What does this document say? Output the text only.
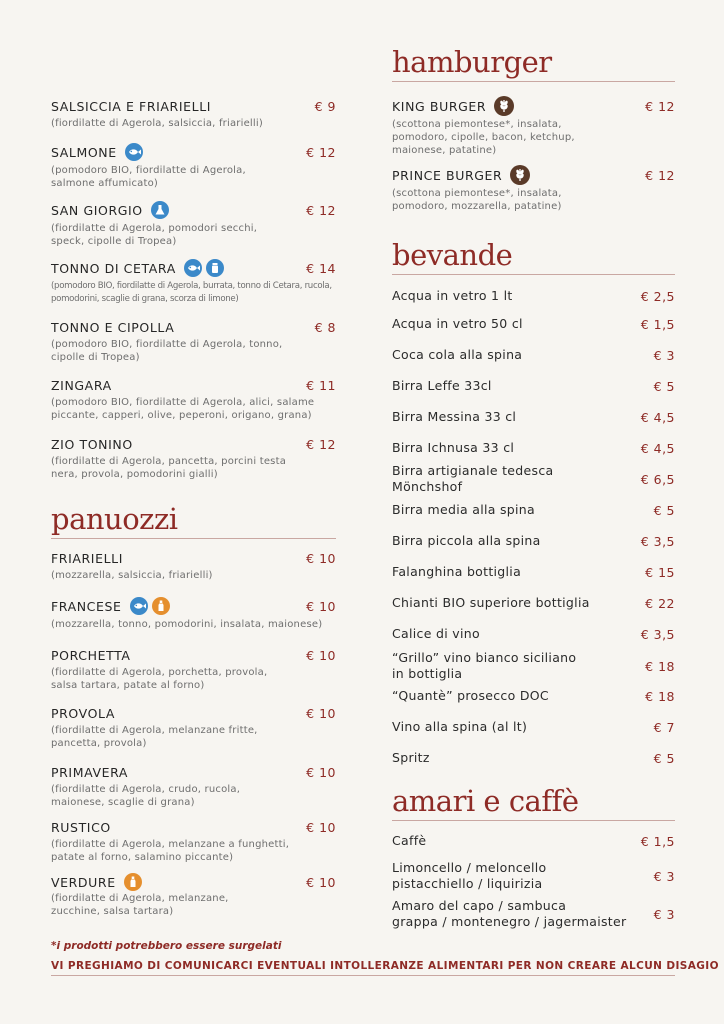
SALSICCIA E FRIARIELLI	€ 9
(fiordilatte di Agerola, salsiccia, friarielli)
SALMONE	€ 12
(pomodoro BIO, fiordilatte di Agerola, salmone affumicato)
SAN GIORGIO	€ 12
(fiordilatte di Agerola, pomodori secchi, speck, cipolle di Tropea)
TONNO DI CETARA	€ 14
(pomodoro BIO, fiordilatte di Agerola, burrata, tonno di Cetara, rucola, pomodorini, scaglie di grana, scorza di limone)
TONNO E CIPOLLA	€ 8
(pomodoro BIO, fiordilatte di Agerola, tonno, cipolle di Tropea)
ZINGARA	€ 11
(pomodoro BIO, fiordilatte di Agerola, alici, salame piccante, capperi, olive, peperoni, origano, grana)
ZIO TONINO	€ 12
(fiordilatte di Agerola, pancetta, porcini testa nera, provola, pomodorini gialli)
panuozzi
FRIARIELLI	€ 10
(mozzarella, salsiccia, friarielli)
FRANCESE	€ 10
(mozzarella, tonno, pomodorini, insalata, maionese)
PORCHETTA	€ 10
(fiordilatte di Agerola, porchetta, provola, salsa tartara, patate al forno)
PROVOLA	€ 10
(fiordilatte di Agerola, melanzane fritte, pancetta, provola)
PRIMAVERA	€ 10
(fiordilatte di Agerola, crudo, rucola, maionese, scaglie di grana)
RUSTICO	€ 10
(fiordilatte di Agerola, melanzane a funghetti, patate al forno, salamino piccante)
VERDURE	€ 10
(fiordilatte di Agerola, melanzane, zucchine, salsa tartara)
hamburger
KING BURGER	€ 12
(scottona piemontese*, insalata, pomodoro, cipolle, bacon, ketchup, maionese, patatine)
PRINCE BURGER	€ 12
(scottona piemontese*, insalata, pomodoro, mozzarella, patatine)
bevande
Acqua in vetro 1 lt	€ 2,5
Acqua in vetro 50 cl	€ 1,5
Coca cola alla spina	€ 3
Birra Leffe 33cl	€ 5
Birra Messina 33 cl	€ 4,5
Birra Ichnusa 33 cl	€ 4,5
Birra artigianale tedesca
Mönchshof	€ 6,5
Birra media alla spina	€ 5
Birra piccola alla spina	€ 3,5
Falanghina bottiglia	€ 15
Chianti BIO superiore bottiglia	€ 22
Calice di vino	€ 3,5
“Grillo” vino bianco siciliano
in bottiglia	€ 18
“Quantè” prosecco DOC	€ 18
Vino alla spina (al lt)	€ 7
Spritz	€ 5
amari e caffè
Caffè	€ 1,5
Limoncello / meloncello
pistacchiello / liquirizia	€ 3
Amaro del capo / sambuca
grappa / montenegro / jagermaister € 3
*i prodotti potrebbero essere surgelati
VI PREGHIAMO DI COMUNICARCI EVENTUALI INTOLLERANZE ALIMENTARI PER NON CREARE ALCUN DISAGIO
